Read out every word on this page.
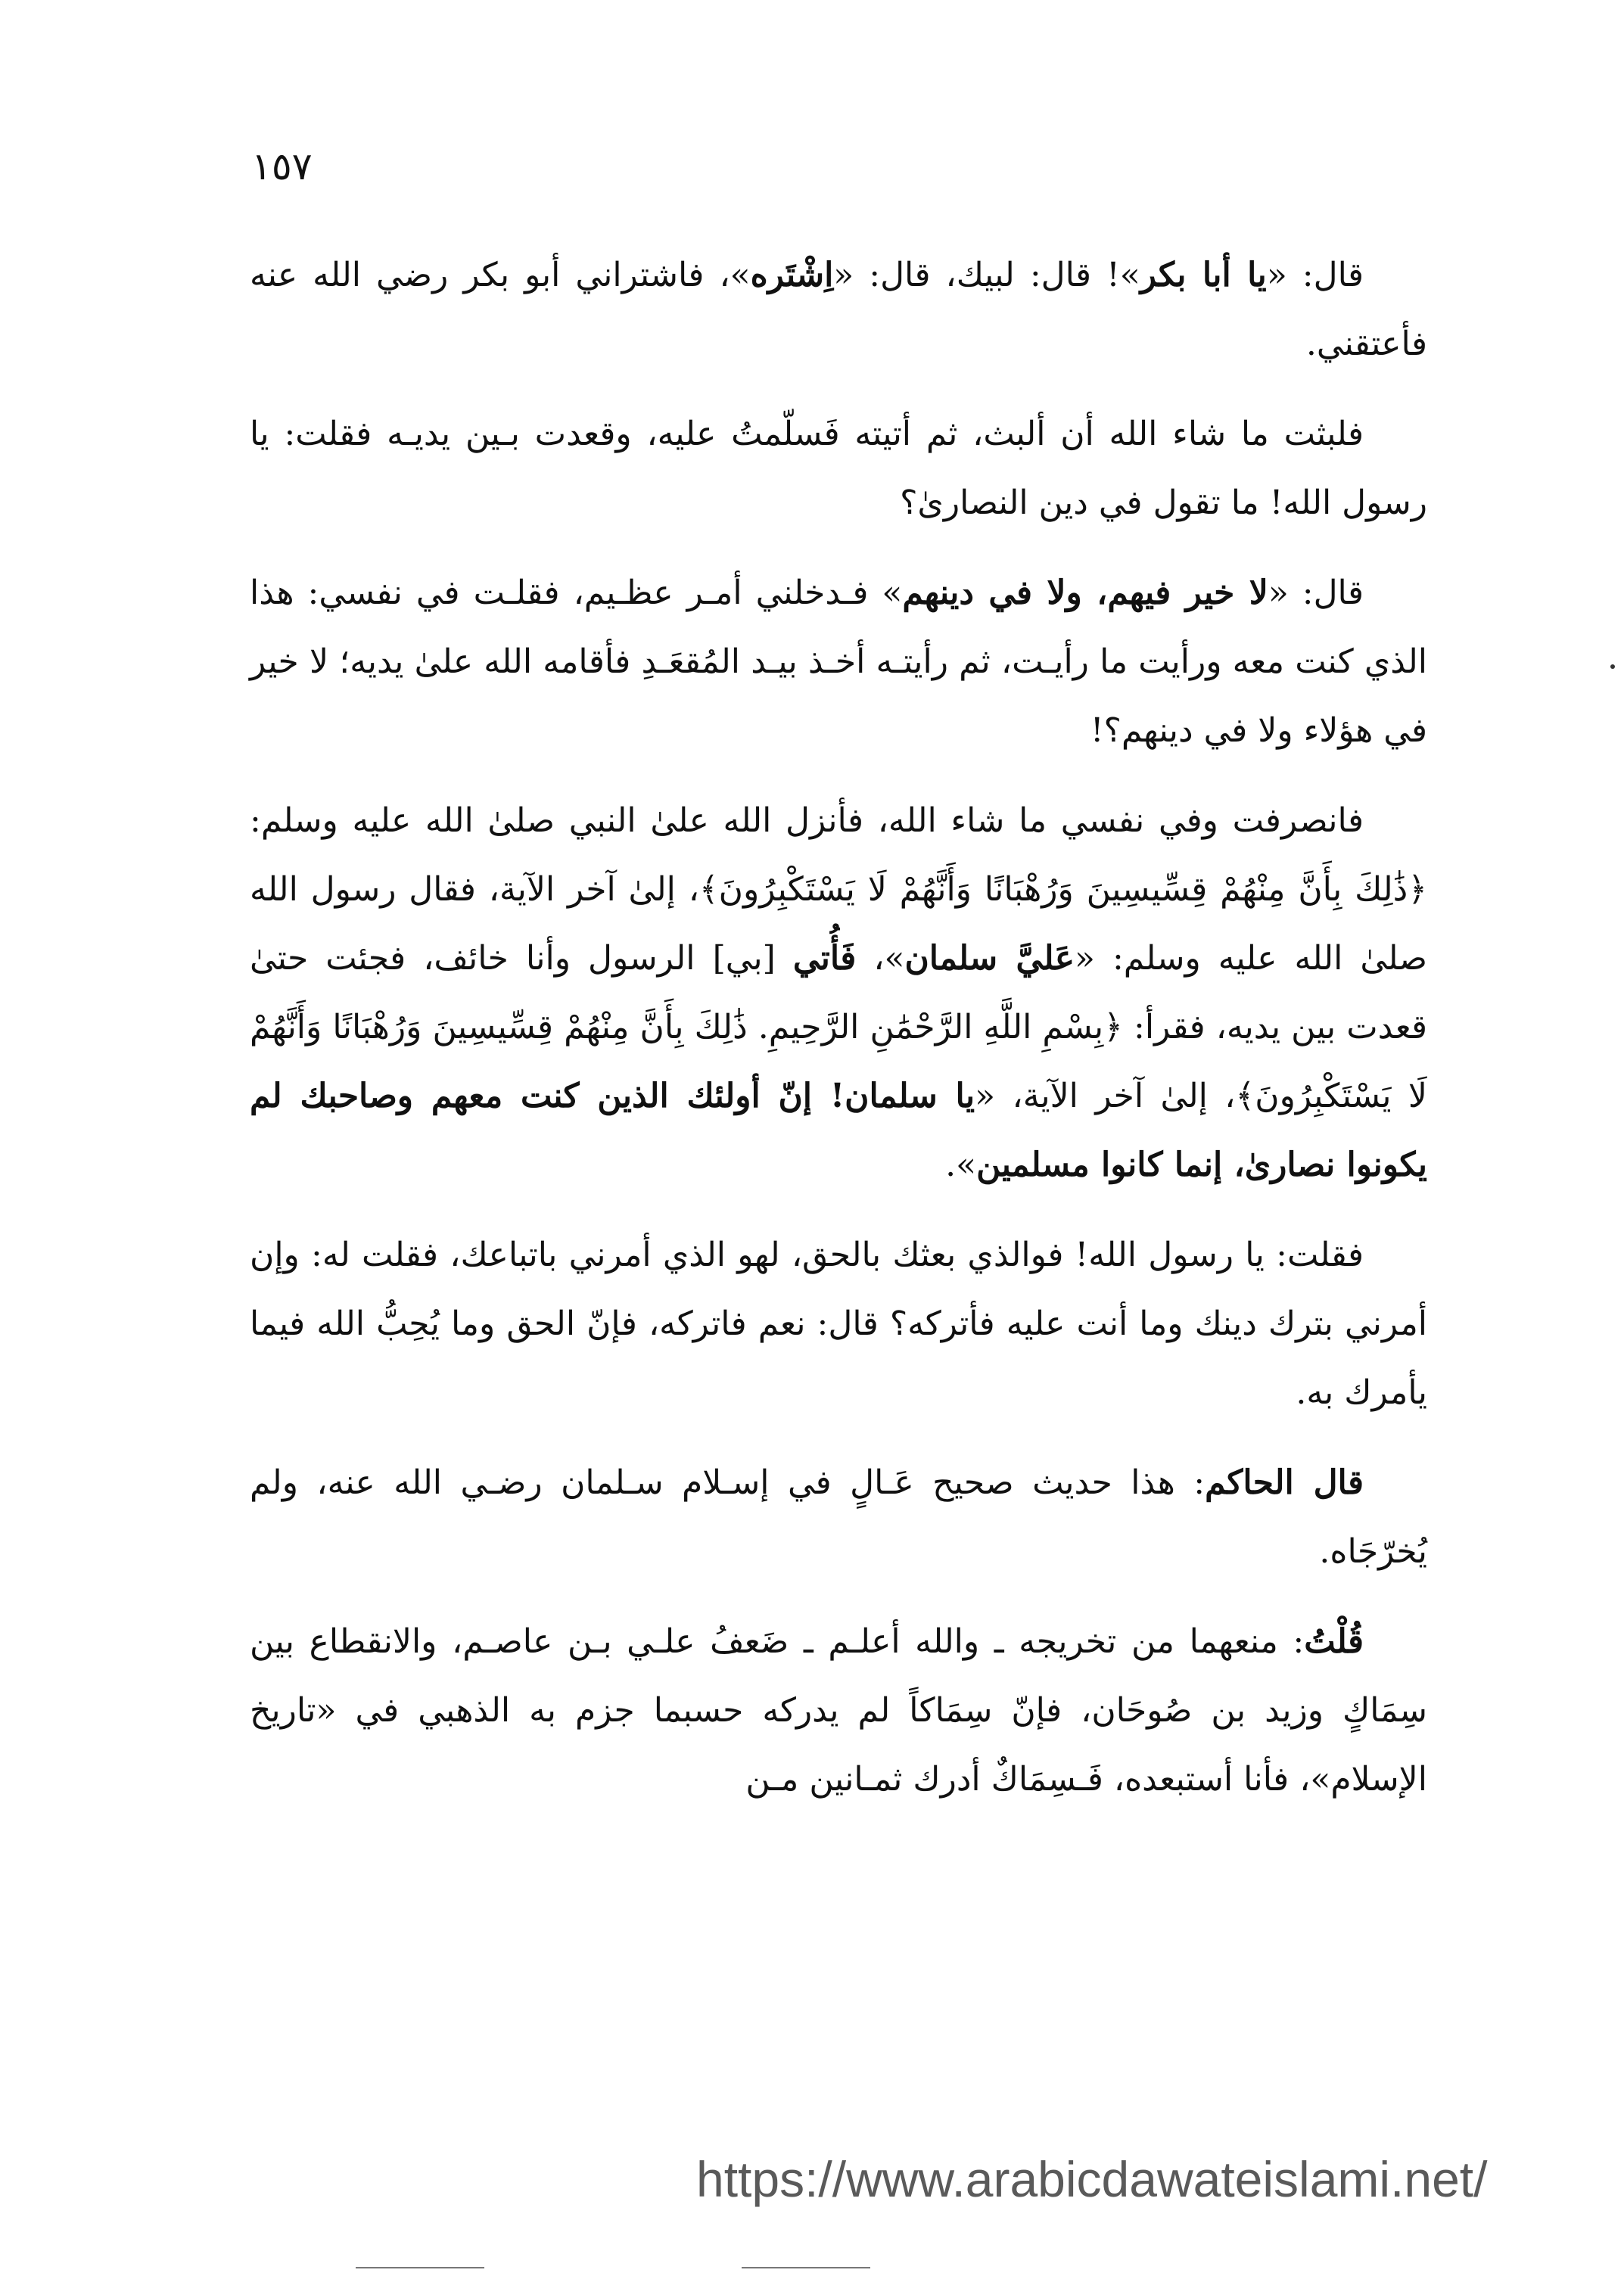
١٥٧

قال: «يا أبا بكر»! قال: لبيك، قال: «اِشْتَره»، فاشتراني أبو بكر رضي الله عنه فأعتقني.

فلبثت ما شاء الله أن ألبث، ثم أتيته فَسلّمتُ عليه، وقعدت بـين يديـه فقلت: يا رسول الله! ما تقول في دين النصارىٰ؟

قال: «لا خير فيهم، ولا في دينهم» فـدخلني أمـر عظـيم، فقلـت في نفسي: هذا الذي كنت معه ورأيت ما رأيـت، ثم رأيتـه أخـذ بيـد المُقعَـدِ فأقامه الله علىٰ يديه؛ لا خير في هؤلاء ولا في دينهم؟!

فانصرفت وفي نفسي ما شاء الله، فأنزل الله علىٰ النبي صلىٰ الله عليه وسلم: ﴿ذَٰلِكَ بِأَنَّ مِنْهُمْ قِسِّيسِينَ وَرُهْبَانًا وَأَنَّهُمْ لَا يَسْتَكْبِرُونَ﴾، إلىٰ آخر الآية، فقال رسول الله صلىٰ الله عليه وسلم: «عَليَّ سلمان»، فَأُتي [بي] الرسول وأنا خائف، فجئت حتىٰ قعدت بين يديه، فقرأ: ﴿بِسْمِ اللَّهِ الرَّحْمَٰنِ الرَّحِيمِ. ذَٰلِكَ بِأَنَّ مِنْهُمْ قِسِّيسِينَ وَرُهْبَانًا وَأَنَّهُمْ لَا يَسْتَكْبِرُونَ﴾، إلىٰ آخر الآية، «يا سلمان! إنّ أولئك الذين كنت معهم وصاحبك لم يكونوا نصارىٰ، إنما كانوا مسلمين».

فقلت: يا رسول الله! فوالذي بعثك بالحق، لهو الذي أمرني باتباعك، فقلت له: وإن أمرني بترك دينك وما أنت عليه فأتركه؟ قال: نعم فاتركه، فإنّ الحق وما يُحِبُّ الله فيما يأمرك به.

قال الحاكم: هذا حديث صحيح عَـالٍ في إسـلام سـلمان رضـي الله عنه، ولم يُخرّجَاه.

قُلْتُ: منعهما من تخريجه ـ والله أعلـم ـ ضَعفُ علـي بـن عاصـم، والانقطاع بين سِمَاكٍ وزيد بن صُوحَان، فإنّ سِمَاكاً لم يدركه حسبما جزم به الذهبي في «تاريخ الإسلام»، فأنا أستبعده، فَـسِمَاكٌ أدرك ثمـانين مـن

https://www.arabicdawateislami.net/
